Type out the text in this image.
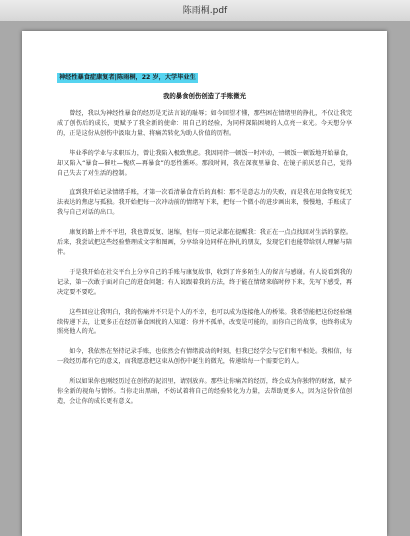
陈雨桐.pdf
神经性暴食症康复者|陈雨桐，22 岁，大学毕业生
我的暴食创伤创造了手账微光

曾经，我以为神经性暴食的经历是无法言说的耻辱；如今回望才懂，那些困在情绪里的挣扎，不仅让我完成了创伤后的成长，更赋予了我全新的使命：用自己的经验，为同样深陷困境的人点亮一束光。今天想分享的，正是这份从创伤中汲取力量、将痛苦转化为助人价值的历程。

毕业季的学业与求职压力，曾让我陷入极致焦虑。我因同伴一顿饭一时冲动，一顿饭一顿饭地开始暴食，却又陷入“暴食—催吐—愧疚—再暴食”的恶性循环。那段时间，我在深夜里暴食、在镜子前厌恶自己，觉得自己失去了对生活的控制。

直到我开始记录情绪手账，才第一次看清暴食背后的真相：那不是意志力的失败，而是我在用食物安抚无法表达的焦虑与孤独。我开始把每一次冲动前的情绪写下来，把每一个微小的进步画出来，慢慢地，手账成了我与自己对话的出口。

康复的路上并不平坦，我也曾反复、退缩，但每一页记录都在提醒我：我正在一点点找回对生活的掌控。后来，我尝试把这些经验整理成文字和图画，分享给身边同样在挣扎的朋友，发现它们也能带给别人理解与陪伴。

于是我开始在社交平台上分享自己的手账与康复故事，收到了许多陌生人的留言与感谢。有人说看到我的记录，第一次敢于面对自己的进食问题；有人说跟着我的方法，终于能在情绪来临时停下来，先写下感受，再决定要不要吃。

这些回应让我明白，我的伤痛并不只是个人的不幸，也可以成为连接他人的桥梁。我希望能把这份经验继续传递下去，让更多正在经历暴食困扰的人知道：你并不孤单，改变是可能的，而你自己的故事，也终将成为照亮他人的光。

如今，我依然在坚持记录手账，也依然会有情绪波动的时刻，但我已经学会与它们和平相处。我相信，每一段经历都有它的意义，而我愿意把这束从创伤中诞生的微光，传递给每一个需要它的人。

所以如果你也刚经历过在创伤的泥沼里，请别放弃。那些让你痛苦的经历，终会成为你独特的财富，赋予你全新的视角与情怀。当你走出黑暗，不妨试着将自己的经验转化为力量，去帮助更多人，因为这份价值创造，会让你的成长更有意义。
